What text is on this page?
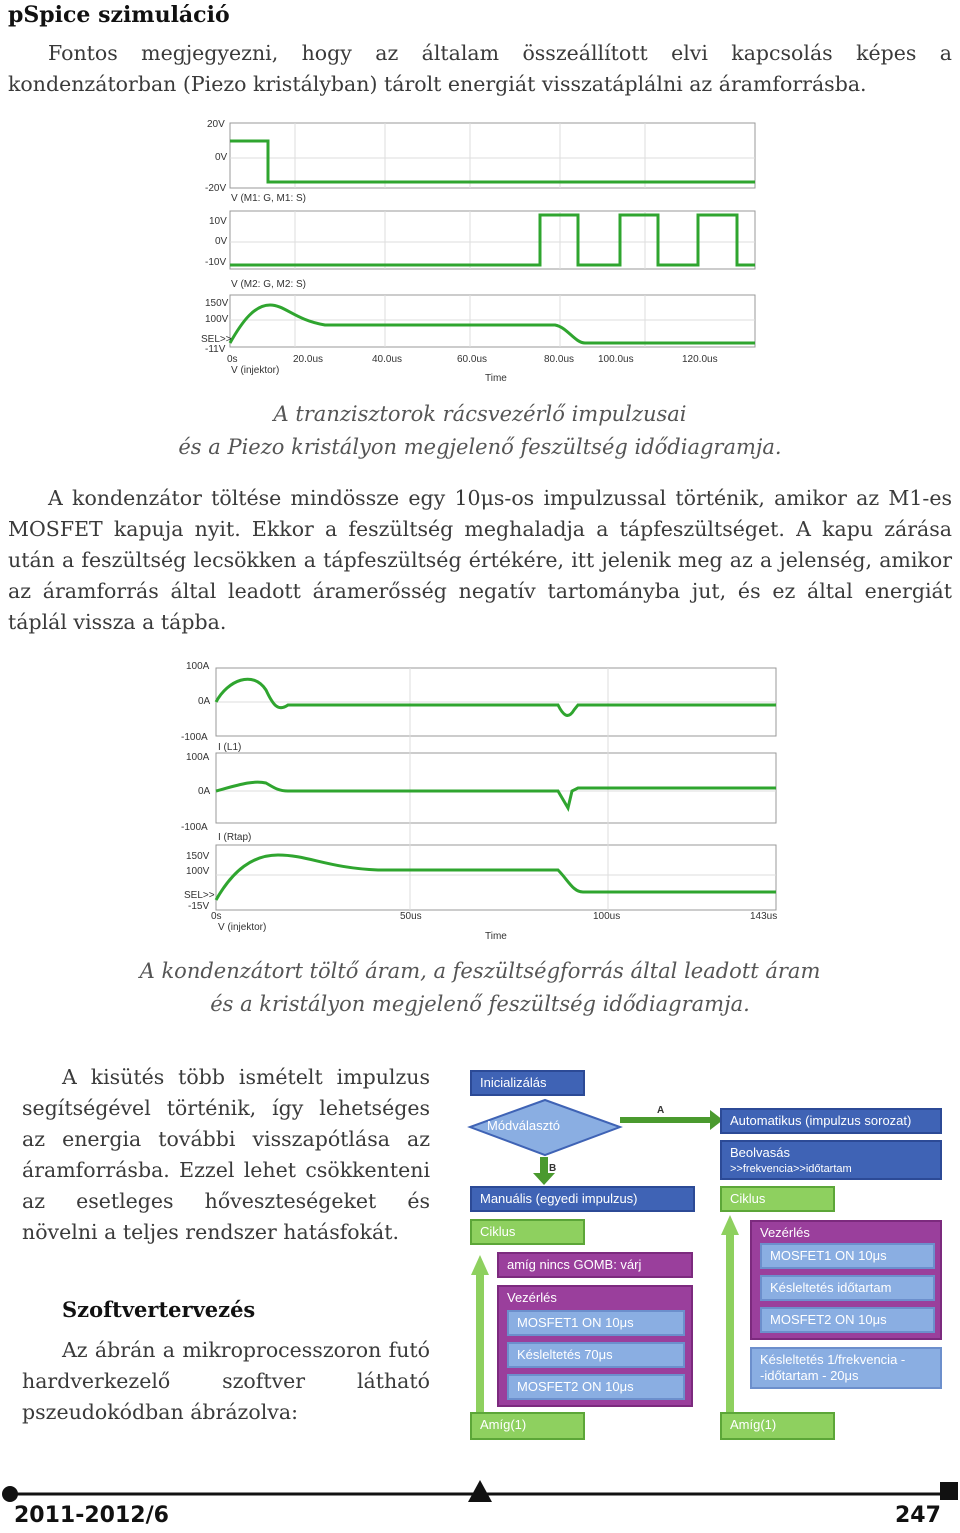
pSpice szimuláció
Fontos megjegyezni, hogy az általam összeállított elvi kapcsolás képes a kondenzátorban (Piezo kristályban) tárolt energiát visszatáplálni az áramforrásba.
20V
0V
-20V
V (M1: G, M1: S)
10V
0V
-10V
V (M2: G, M2: S)
150V
100V
SEL>>
-11V
0s	20.0us	40.0us	60.0us	80.0us 100.0us	120.0us
V (injektor)
Time
A tranzisztorok rácsvezérlő impulzusai
és a Piezo kristályon megjelenő feszültség idődiagramja.
A kondenzátor töltése mindössze egy 10μs-os impulzussal történik, amikor az M1-es MOSFET kapuja nyit. Ekkor a feszültség meghaladja a tápfeszültséget. A kapu zárása után a feszültség lecsökken a tápfeszültség értékére, itt jelenik meg az a jelenség, amikor az áramforrás által leadott áramerősség negatív tartományba jut, és ez által energiát táplál vissza a tápba.
100A
0A
-100A
I (L1)
100A
0A
-100A
I (Rtap)
150V
100V
SEL>>
-15V
0s	50us	100us	143us
V (injektor)
Time
A kondenzátort töltő áram, a feszültségforrás által leadott áram
és a kristályon megjelenő feszültség idődiagramja.
A kisütés több ismételt impulzus segítségével történik, így lehetséges az energia további visszapótlása az áramforrásba. Ezzel lehet csökkenteni az esetleges hőveszteségeket és növelni a teljes rendszer hatásfokát.
Szoftvertervezés
Az ábrán a mikroprocesszoron futó hardverkezelő szoftver látható pszeudokódban ábrázolva:
Inicializálás
Módválasztó
A
B
Automatikus (impulzus sorozat)
Beolvasás
>>frekvencia>>időtartam
Ciklus
Vezérlés
MOSFET1 ON 10μs
Késleltetés időtartam
MOSFET2 ON 10μs
Késleltetés 1/frekvencia -
-időtartam - 20μs
Amíg(1)
Manuális (egyedi impulzus)
Ciklus
amíg nincs GOMB: várj
Vezérlés
MOSFET1 ON 10μs
Késleltetés 70μs
MOSFET2 ON 10μs
Amíg(1)
2011-2012/6	247
